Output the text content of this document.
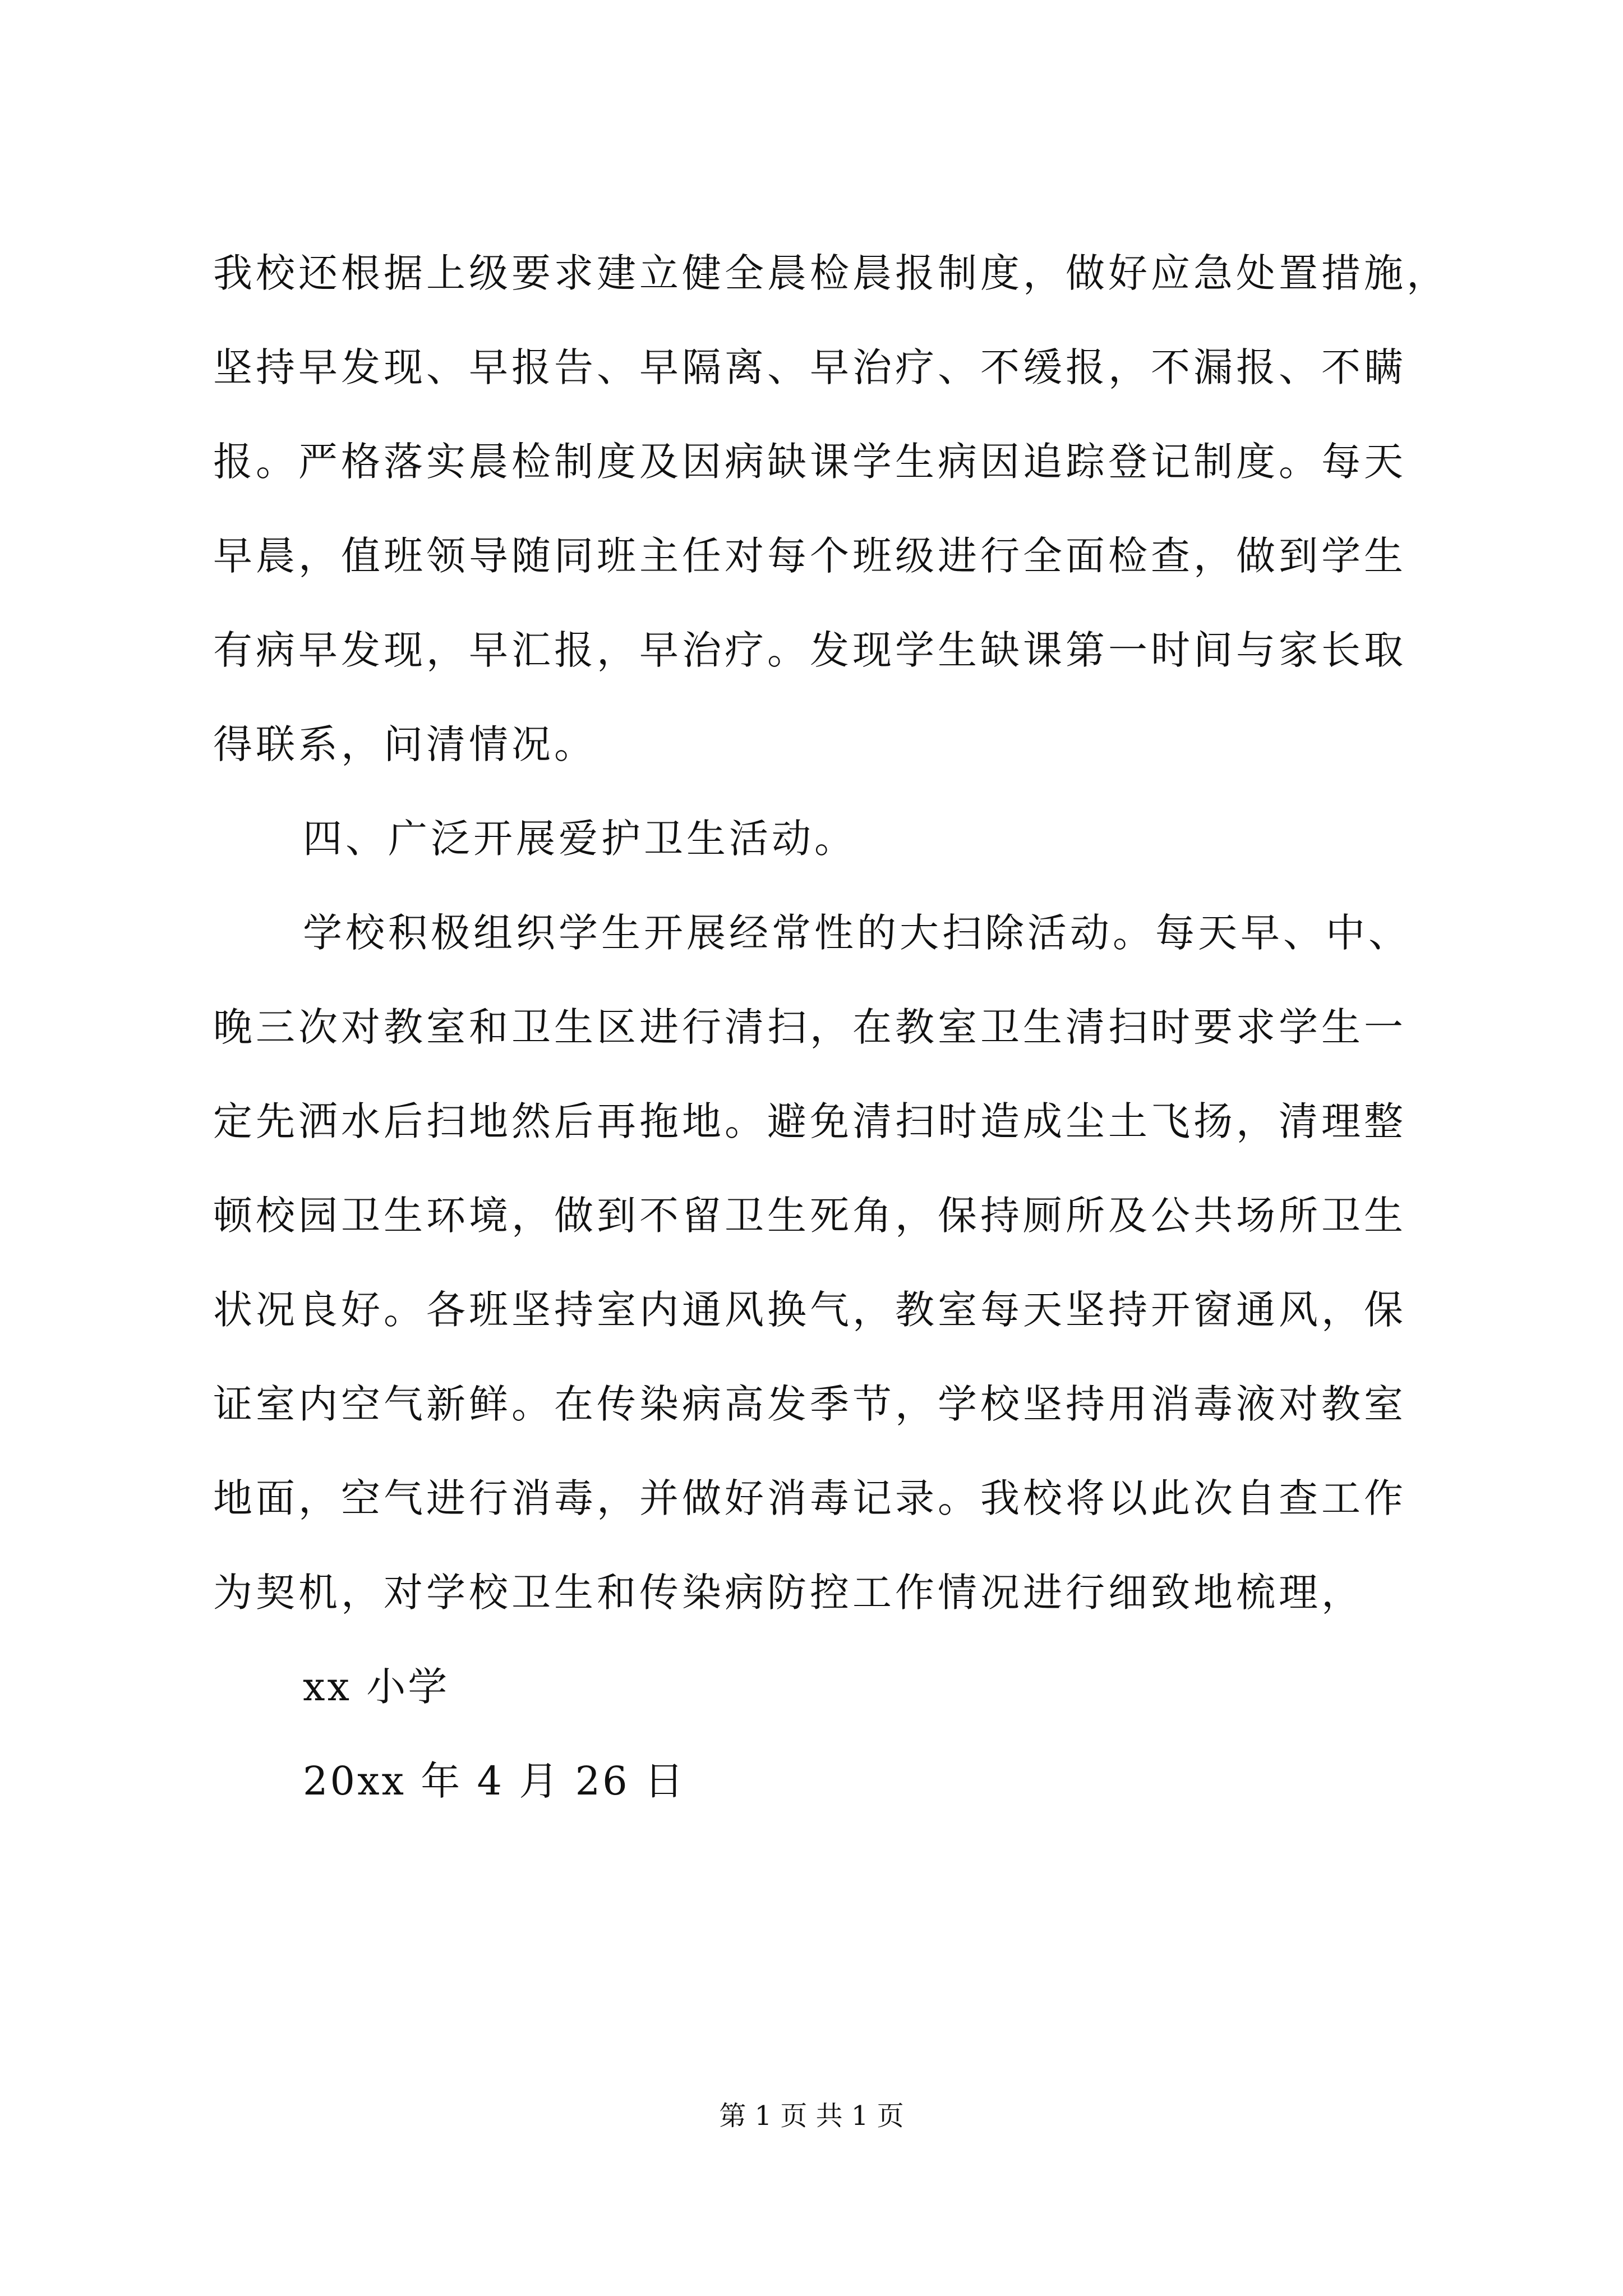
我校还根据上级要求建立健全晨检晨报制度，做好应急处置措施，
坚持早发现、早报告、早隔离、早治疗、不缓报，不漏报、不瞒
报。严格落实晨检制度及因病缺课学生病因追踪登记制度。每天
早晨，值班领导随同班主任对每个班级进行全面检查，做到学生
有病早发现，早汇报，早治疗。发现学生缺课第一时间与家长取
得联系，问清情况。
四、广泛开展爱护卫生活动。
学校积极组织学生开展经常性的大扫除活动。每天早、中、
晚三次对教室和卫生区进行清扫，在教室卫生清扫时要求学生一
定先洒水后扫地然后再拖地。避免清扫时造成尘土飞扬，清理整
顿校园卫生环境，做到不留卫生死角，保持厕所及公共场所卫生
状况良好。各班坚持室内通风换气，教室每天坚持开窗通风，保
证室内空气新鲜。在传染病高发季节，学校坚持用消毒液对教室
地面，空气进行消毒，并做好消毒记录。我校将以此次自查工作
为契机，对学校卫生和传染病防控工作情况进行细致地梳理，
xx 小学
20xx 年 4 月 26 日
第 1 页 共 1 页
